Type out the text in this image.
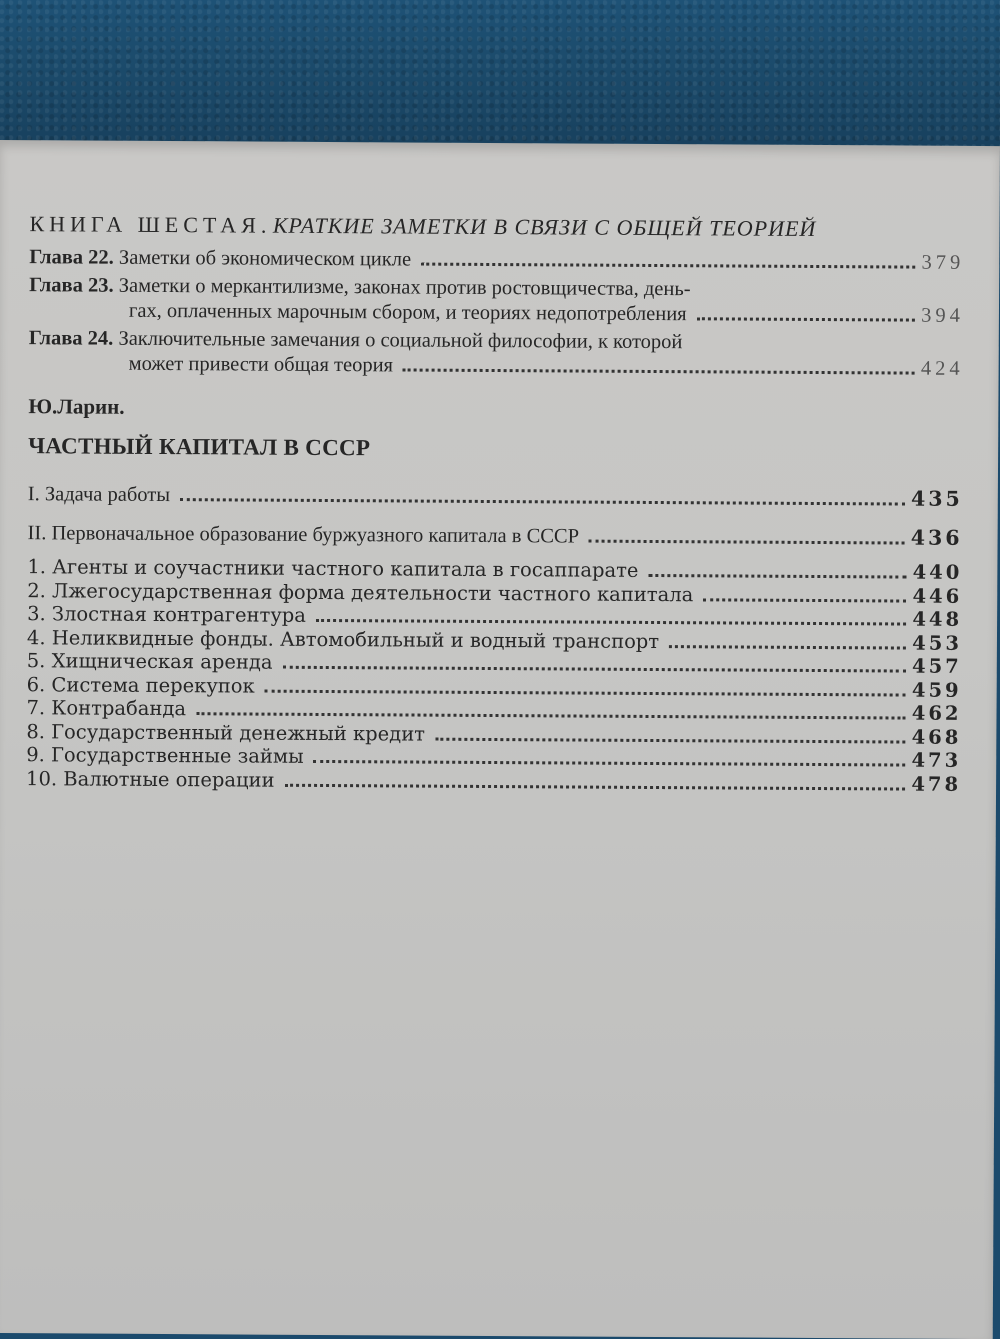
КНИГА ШЕСТАЯ. КРАТКИЕ ЗАМЕТКИ В СВЯЗИ С ОБЩЕЙ ТЕОРИЕЙ
Глава 22. Заметки об экономическом цикле	379
Глава 23. Заметки о меркантилизме, законах против ростовщичества, день-
гах, оплаченных марочным сбором, и теориях недопотребления	394
Глава 24. Заключительные замечания о социальной философии, к которой
может привести общая теория	424
Ю.Ларин.
ЧАСТНЫЙ КАПИТАЛ В СССР
I. Задача работы	435
II. Первоначальное образование буржуазного капитала в СССР	436
1. Агенты и соучастники частного капитала в госаппарате	440
2. Лжегосударственная форма деятельности частного капитала	446
3. Злостная контрагентура	448
4. Неликвидные фонды. Автомобильный и водный транспорт	453
5. Хищническая аренда	457
6. Система перекупок	459
7. Контрабанда	462
8. Государственный денежный кредит	468
9. Государственные займы	473
10. Валютные операции	478
